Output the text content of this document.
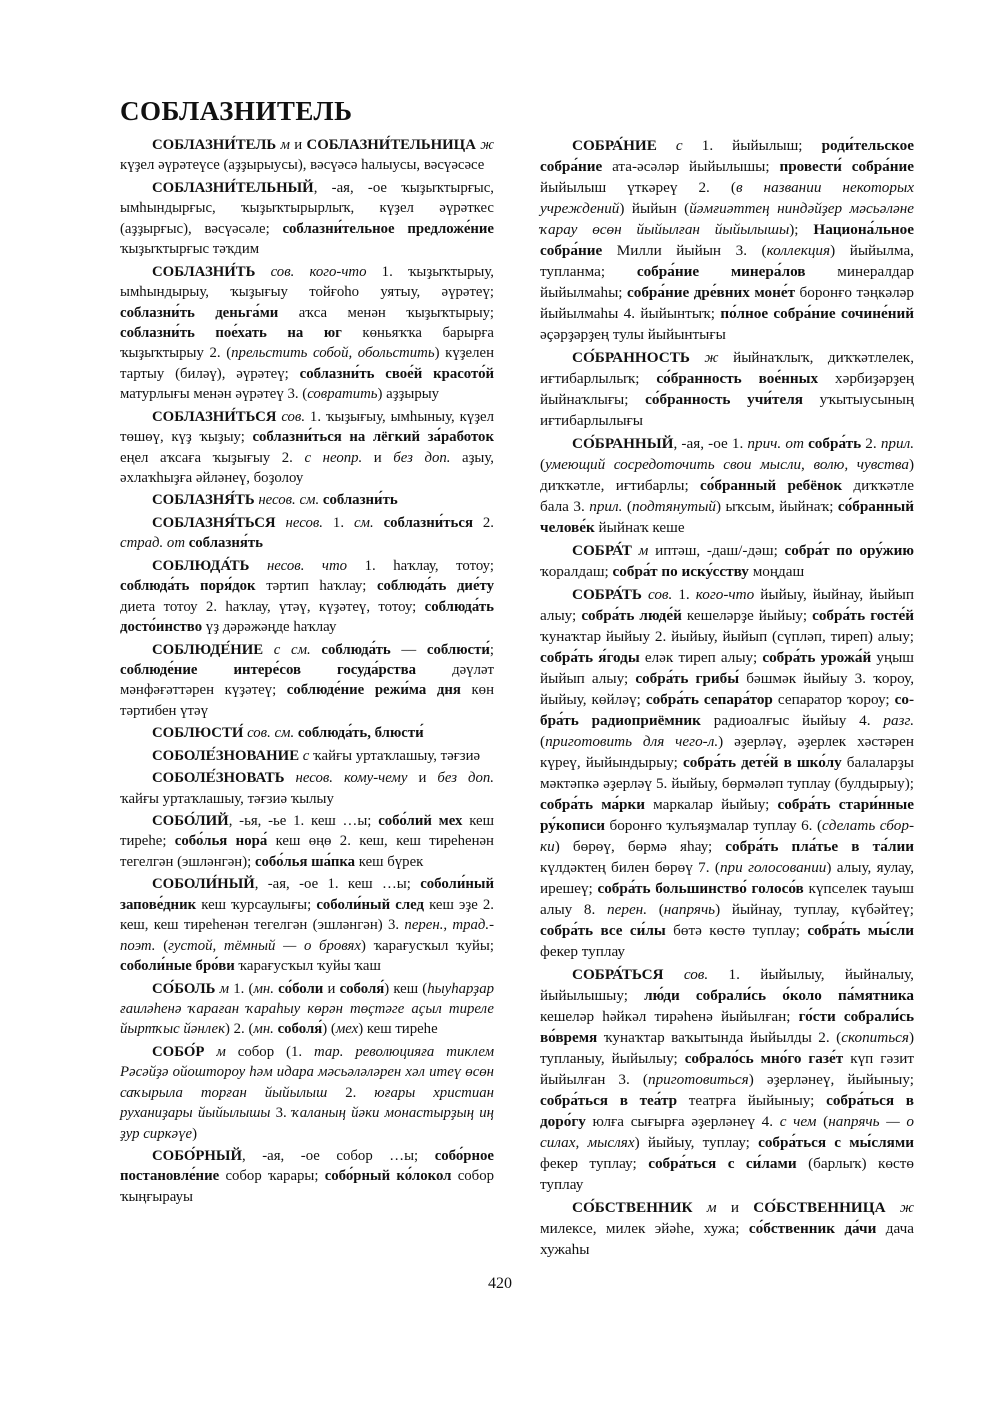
СОБЛАЗНИТЕЛЬ

СОБЛАЗНИ́ТЕЛЬ м и СОБЛАЗНИ́ТЕЛЬНИЦА ж күҙел әүрәтеүсе (аҙҙырыусы), вәсүәсә һалыусы, вәсүәсәсе

СОБЛАЗНИ́ТЕЛЬНЫЙ, -ая, -ое ҡыҙыҡтырғыс, ымһындырғыс, ҡыҙыҡтырырлыҡ, күҙел әүрәткес (аҙҙырғыс), вәсүәсәле; соблазни́тельное предложе́ние ҡыҙыҡтырғыс тәҡдим

СОБЛАЗНИ́ТЬ сов. кого-что 1. ҡыҙыҡтырыу, ымһындырыу, ҡыҙығыу тойғоһо уятыу, әүрәтеү; соблазни́ть деньга́ми аҡса менән ҡыҙыҡтырыу; соблазни́ть пое́хать на юг көньяҡҡа барырға ҡыҙыҡтырыу 2. (прельстить собой, обольстить) күҙелен тартыу (биләү), әүрәтеү; соблазни́ть свое́й красото́й матурлығы менән әүрәтеү 3. (совратить) аҙҙырыу

СОБЛАЗНИ́ТЬСЯ сов. 1. ҡыҙығыу, ымһыныу, күҙел төшөү, күҙ ҡыҙыу; соблазни́ться на лёгкий за́работок еңел аҡсаға ҡыҙығыу 2. с неопр. и без доп. аҙыу, әхлаҡһыҙға әйләнеү, боҙолоу

СОБЛАЗНЯ́ТЬ несов. см. соблазни́ть

СОБЛАЗНЯ́ТЬСЯ несов. 1. см. соблазни́ться 2. страд. от соблазня́ть

СОБЛЮДА́ТЬ несов. что 1. һаҡлау, тотоу; соблюда́ть поря́док тәртип һаҡлау; соблюда́ть дие́ту диета тотоу 2. һаҡлау, үтәү, күҙәтеү, тотоу; соблюда́ть досто́инство үҙ дәрәжәңде һаҡлау

СОБЛЮДЕ́НИЕ с см. соблюда́ть — соблюсти́; соблюде́ние интере́сов госуда́рства дәүләт мәнфәғәттәрен күҙәтеү; соблюде́ние режи́ма дня көн тәртибен үтәү

СОБЛЮСТИ́ сов. см. соблюда́ть, блюсти́

СОБОЛЕ́ЗНОВАНИЕ с ҡайғы уртаҡлашыу, тәғзиә

СОБОЛЕ́ЗНОВАТЬ несов. кому-чему и без доп. ҡайғы уртаҡлашыу, тәғзиә ҡылыу

СОБО́ЛИЙ, -ья, -ье 1. кеш …ы; собо́лий мех кеш тиреһе; собо́лья нора́ кеш өңө 2. кеш, кеш тиреһенән тегелгән (эшләнгән); собо́лья ша́пка кеш бүрек

СОБОЛИ́НЫЙ, -ая, -ое 1. кеш …ы; соболи́ный запове́дник кеш ҡурсаулығы; соболи́ный след кеш эҙе 2. кеш, кеш тиреһенән тегелгән (эшләнгән) 3. перен., трад.-поэт. (густой, тёмный — о бровях) ҡарағусҡыл ҡуйы; соболи́ные бро́ви ҡарағусҡыл ҡуйы ҡаш

СО́БОЛЬ м 1. (мн. со́боли и соболя́) кеш (һыуһарҙар ғаиләһенә ҡараған ҡараһыу көрән төҫтәге аҫыл тиреле йыртҡыс йәнлек) 2. (мн. соболя́) (мех) кеш тиреһе

СОБО́Р м собор (1. тар. революцияға тиклем Рәсәйҙә ойоштороу һәм идара мәсьәләләрен хәл итеү өсөн саҡырыла торған йыйылыш 2. юғары христиан руханиҙары йыйылышы 3. ҡаланың йәки монастырҙың иң ҙур сиркәүе)

СОБО́РНЫЙ, -ая, -ое собор …ы; собо́рное постановле́ние собор ҡарары; собо́рный ко́локол собор ҡыңғырауы

СОБРА́НИЕ с 1. йыйылыш; роди́тельское собра́ние ата-әсәләр йыйылышы; провести́ собра́ние йыйылыш үткәреү 2. (в названии некоторых учреждений) йыйын (йәмғиәттең ниндәйҙер мәсьәләнe ҡарау өсөн йыйылған йыйылышы); Национа́льное собра́ние Милли йыйын 3. (коллекция) йыйылма, тупланма; собра́ние минера́лов минералдар йыйылмаһы; собра́ние дре́вних моне́т боронғо тәңкәләр йыйылмаһы 4. йыйынтыҡ; по́лное собра́ние сочине́ний әҫәрҙәрҙең тулы йыйынтығы

СО́БРАННОСТЬ ж йыйнаҡлыҡ, диҡҡәтлелек, иғтибарлылыҡ; со́бранность вое́нных хәрбиҙәрҙең йыйнаҡлығы; со́бранность учи́теля уҡытыусының иғтибарлылығы

СО́БРАННЫЙ, -ая, -ое 1. прич. от собра́ть 2. прил. (умеющий сосредоточить свои мысли, волю, чувства) диҡҡәтле, иғтибарлы; со́бранный ребёнок диҡҡәтле бала 3. прил. (подтянутый) ыҡсым, йыйнаҡ; со́бранный челове́к йыйнаҡ кеше

СОБРА́Т м иптәш, -даш/-дәш; собра́т по ору́жию ҡоралдаш; собра́т по иску́сству моңдаш

СОБРА́ТЬ сов. 1. кого-что йыйыу, йыйнау, йыйып алыу; собра́ть люде́й кешеләрҙе йыйыу; собра́ть госте́й ҡунаҡтар йыйыу 2. йыйыу, йыйып (сүпләп, тиреп) алыу; собра́ть я́годы еләк тиреп алыу; собра́ть урожа́й уңыш йыйып алыу; собра́ть грибы́ бәшмәк йыйыу 3. ҡороу, йыйыу, көйләү; собра́ть сепара́тор сепаратор ҡороу; собра́ть радиоприёмник радиоалғыс йыйыу 4. разг. (приготовить для чего-л.) әҙерләү, әҙерлек хәстәрен күреү, йыйындырыу; собра́ть дете́й в шко́лу балаларҙы мәктәпкә әҙерләү 5. йыйыу, бөрмәләп туплау (булдырыу); собра́ть ма́рки маркалар йыйыу; собра́ть стари́нные ру́кописи боронғо ҡулъяҙмалар туплау 6. (сделать сборки) бөрөү, бөрмә яһау; собра́ть пла́тье в та́лии күлдәктең билен бөрөү 7. (при голосовании) алыу, яулау, ирешеү; собра́ть большинство́ голосо́в күпселек тауыш алыу 8. перен. (напрячь) йыйнау, туплау, күбәйтеү; собра́ть все си́лы бөтә көстө туплау; собра́ть мы́сли фекер туплау

СОБРА́ТЬСЯ сов. 1. йыйылыу, йыйналыу, йыйылышыу; лю́ди собрали́сь о́коло па́мятника кешеләр һәйкәл тирәһенә йыйылған; го́сти собрали́сь во́время ҡунаҡтар ваҡытында йыйылды 2. (скопиться) тупланыу, йыйылыу; собрало́сь мно́го газе́т күп гәзит йыйылған 3. (приготовиться) әҙерләнеү, йыйыныу; собра́ться в теа́тр театрға йыйыныу; собра́ться в доро́гу юлға сығырға әҙерләнеү 4. с чем (напрячь — о силах, мыслях) йыйыу, туплау; собра́ться с мы́слями фекер туплау; собра́ться с си́лами (барлыҡ) көстө туплау

СО́БСТВЕННИК м и СО́БСТВЕННИЦА ж милексе, милек эйәһе, хужа; со́бственник да́чи дача хужаһы

420
